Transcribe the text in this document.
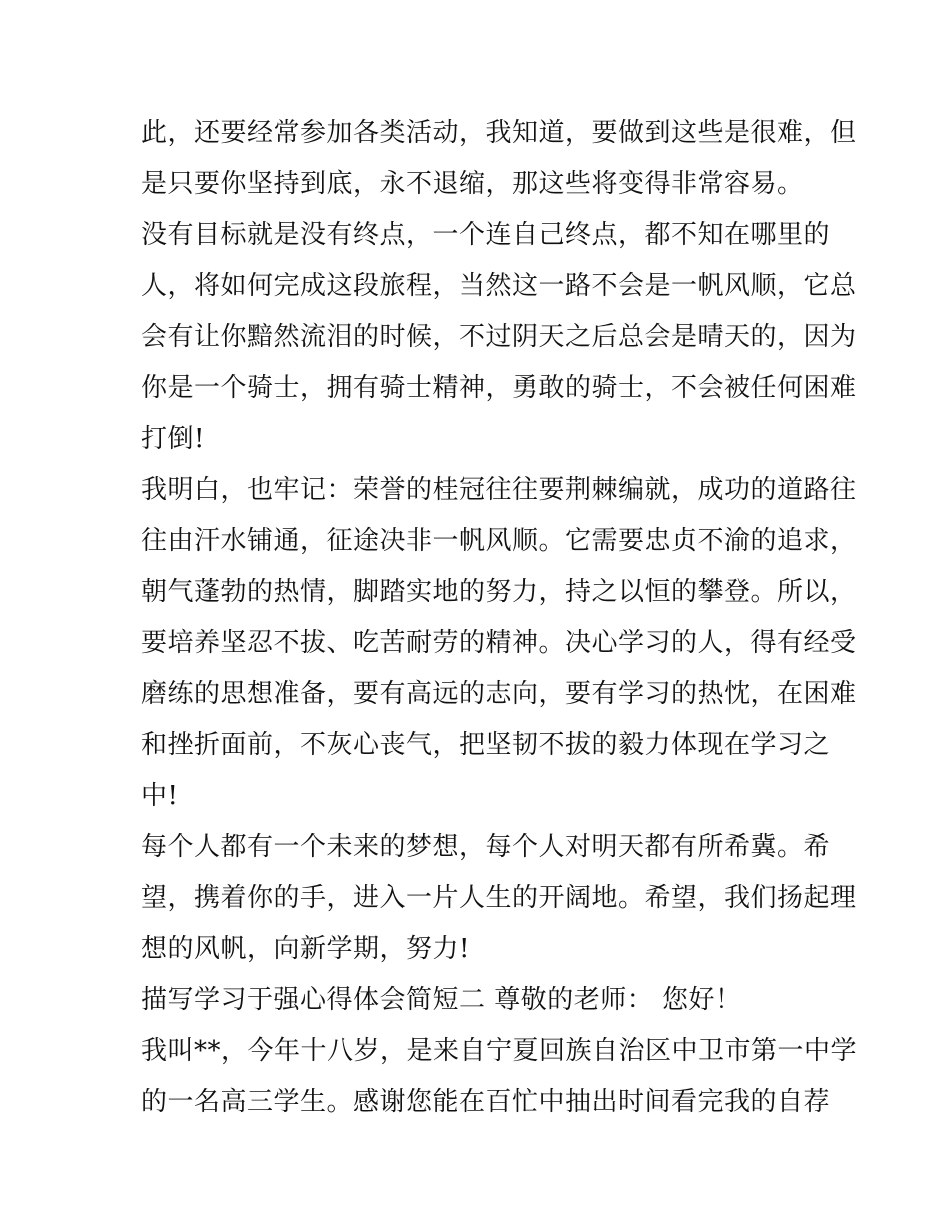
此，还要经常参加各类活动，我知道，要做到这些是很难，但
是只要你坚持到底，永不退缩，那这些将变得非常容易。
没有目标就是没有终点，一个连自己终点，都不知在哪里的
人，将如何完成这段旅程，当然这一路不会是一帆风顺，它总
会有让你黯然流泪的时候，不过阴天之后总会是晴天的，因为
你是一个骑士，拥有骑士精神，勇敢的骑士，不会被任何困难
打倒!
我明白，也牢记：荣誉的桂冠往往要荆棘编就，成功的道路往
往由汗水铺通，征途决非一帆风顺。它需要忠贞不渝的追求，
朝气蓬勃的热情，脚踏实地的努力，持之以恒的攀登。所以，
要培养坚忍不拔、吃苦耐劳的精神。决心学习的人，得有经受
磨练的思想准备，要有高远的志向，要有学习的热忱，在困难
和挫折面前，不灰心丧气，把坚韧不拔的毅力体现在学习之
中!
每个人都有一个未来的梦想，每个人对明天都有所希冀。希
望，携着你的手，进入一片人生的开阔地。希望，我们扬起理
想的风帆，向新学期，努力!
描写学习于强心得体会简短二 尊敬的老师： 您好！
我叫**，今年十八岁，是来自宁夏回族自治区中卫市第一中学
的一名高三学生。感谢您能在百忙中抽出时间看完我的自荐
